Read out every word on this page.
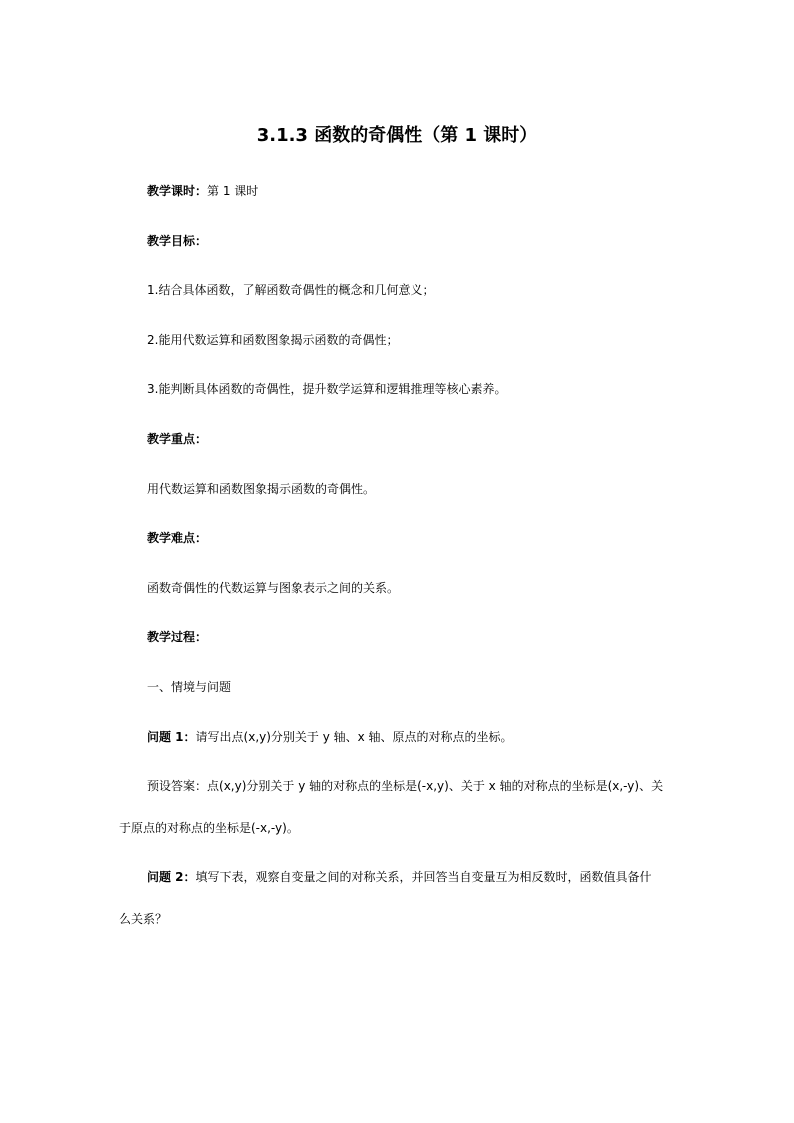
3.1.3 函数的奇偶性（第 1 课时）
教学课时：第 1 课时
教学目标：
1.结合具体函数，了解函数奇偶性的概念和几何意义；
2.能用代数运算和函数图象揭示函数的奇偶性；
3.能判断具体函数的奇偶性，提升数学运算和逻辑推理等核心素养。
教学重点：
用代数运算和函数图象揭示函数的奇偶性。
教学难点：
函数奇偶性的代数运算与图象表示之间的关系。
教学过程：
一、情境与问题
问题 1：请写出点(x,y)分别关于 y 轴、x 轴、原点的对称点的坐标。
预设答案：点(x,y)分别关于 y 轴的对称点的坐标是(-x,y)、关于 x 轴的对称点的坐标是(x,-y)、关
于原点的对称点的坐标是(-x,-y)。
问题 2：填写下表，观察自变量之间的对称关系，并回答当自变量互为相反数时，函数值具备什
么关系？
